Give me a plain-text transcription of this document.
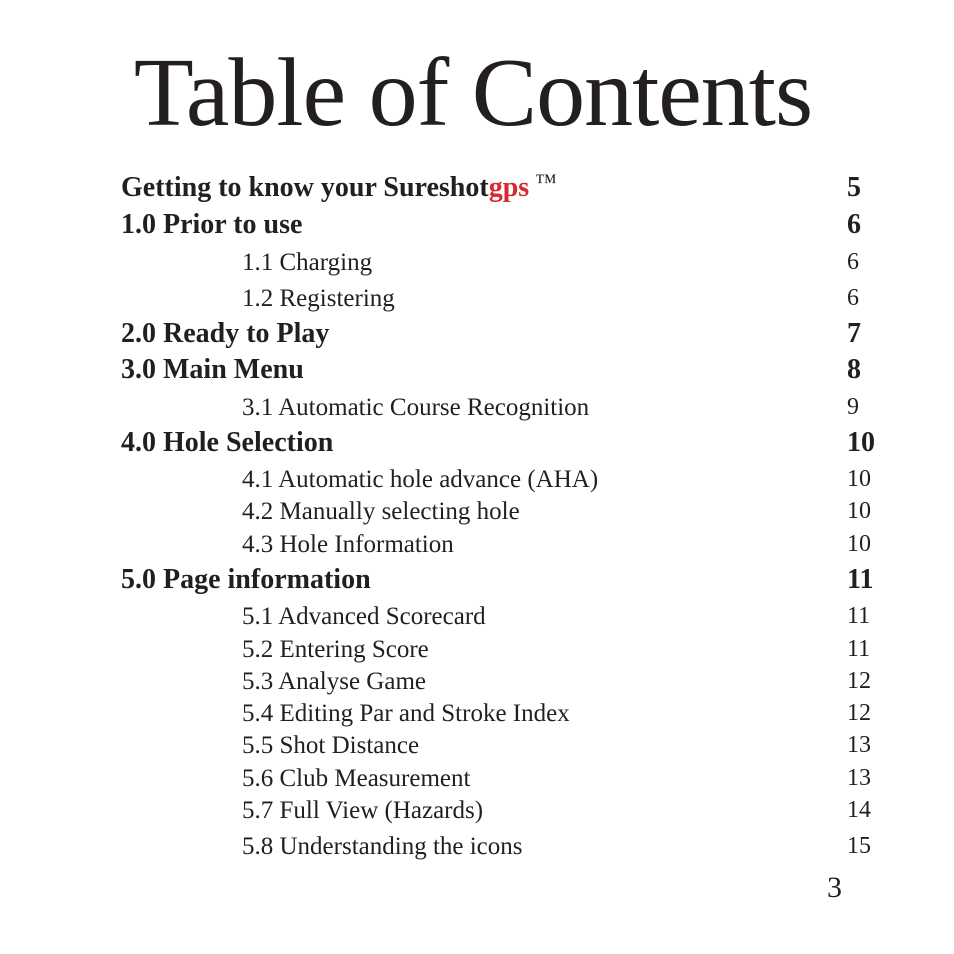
Table of Contents
Getting to know your Sureshotgps ™	5
1.0 Prior to use	6
1.1 Charging	6
1.2 Registering	6
2.0 Ready to Play	7
3.0 Main Menu	8
3.1 Automatic Course Recognition	9
4.0 Hole Selection	10
4.1 Automatic hole advance (AHA)	10
4.2 Manually selecting hole	10
4.3 Hole Information	10
5.0 Page information	11
5.1 Advanced Scorecard	11
5.2 Entering Score	11
5.3 Analyse Game	12
5.4 Editing Par and Stroke Index	12
5.5 Shot Distance	13
5.6 Club Measurement	13
5.7 Full View (Hazards)	14
5.8 Understanding the icons	15
3
